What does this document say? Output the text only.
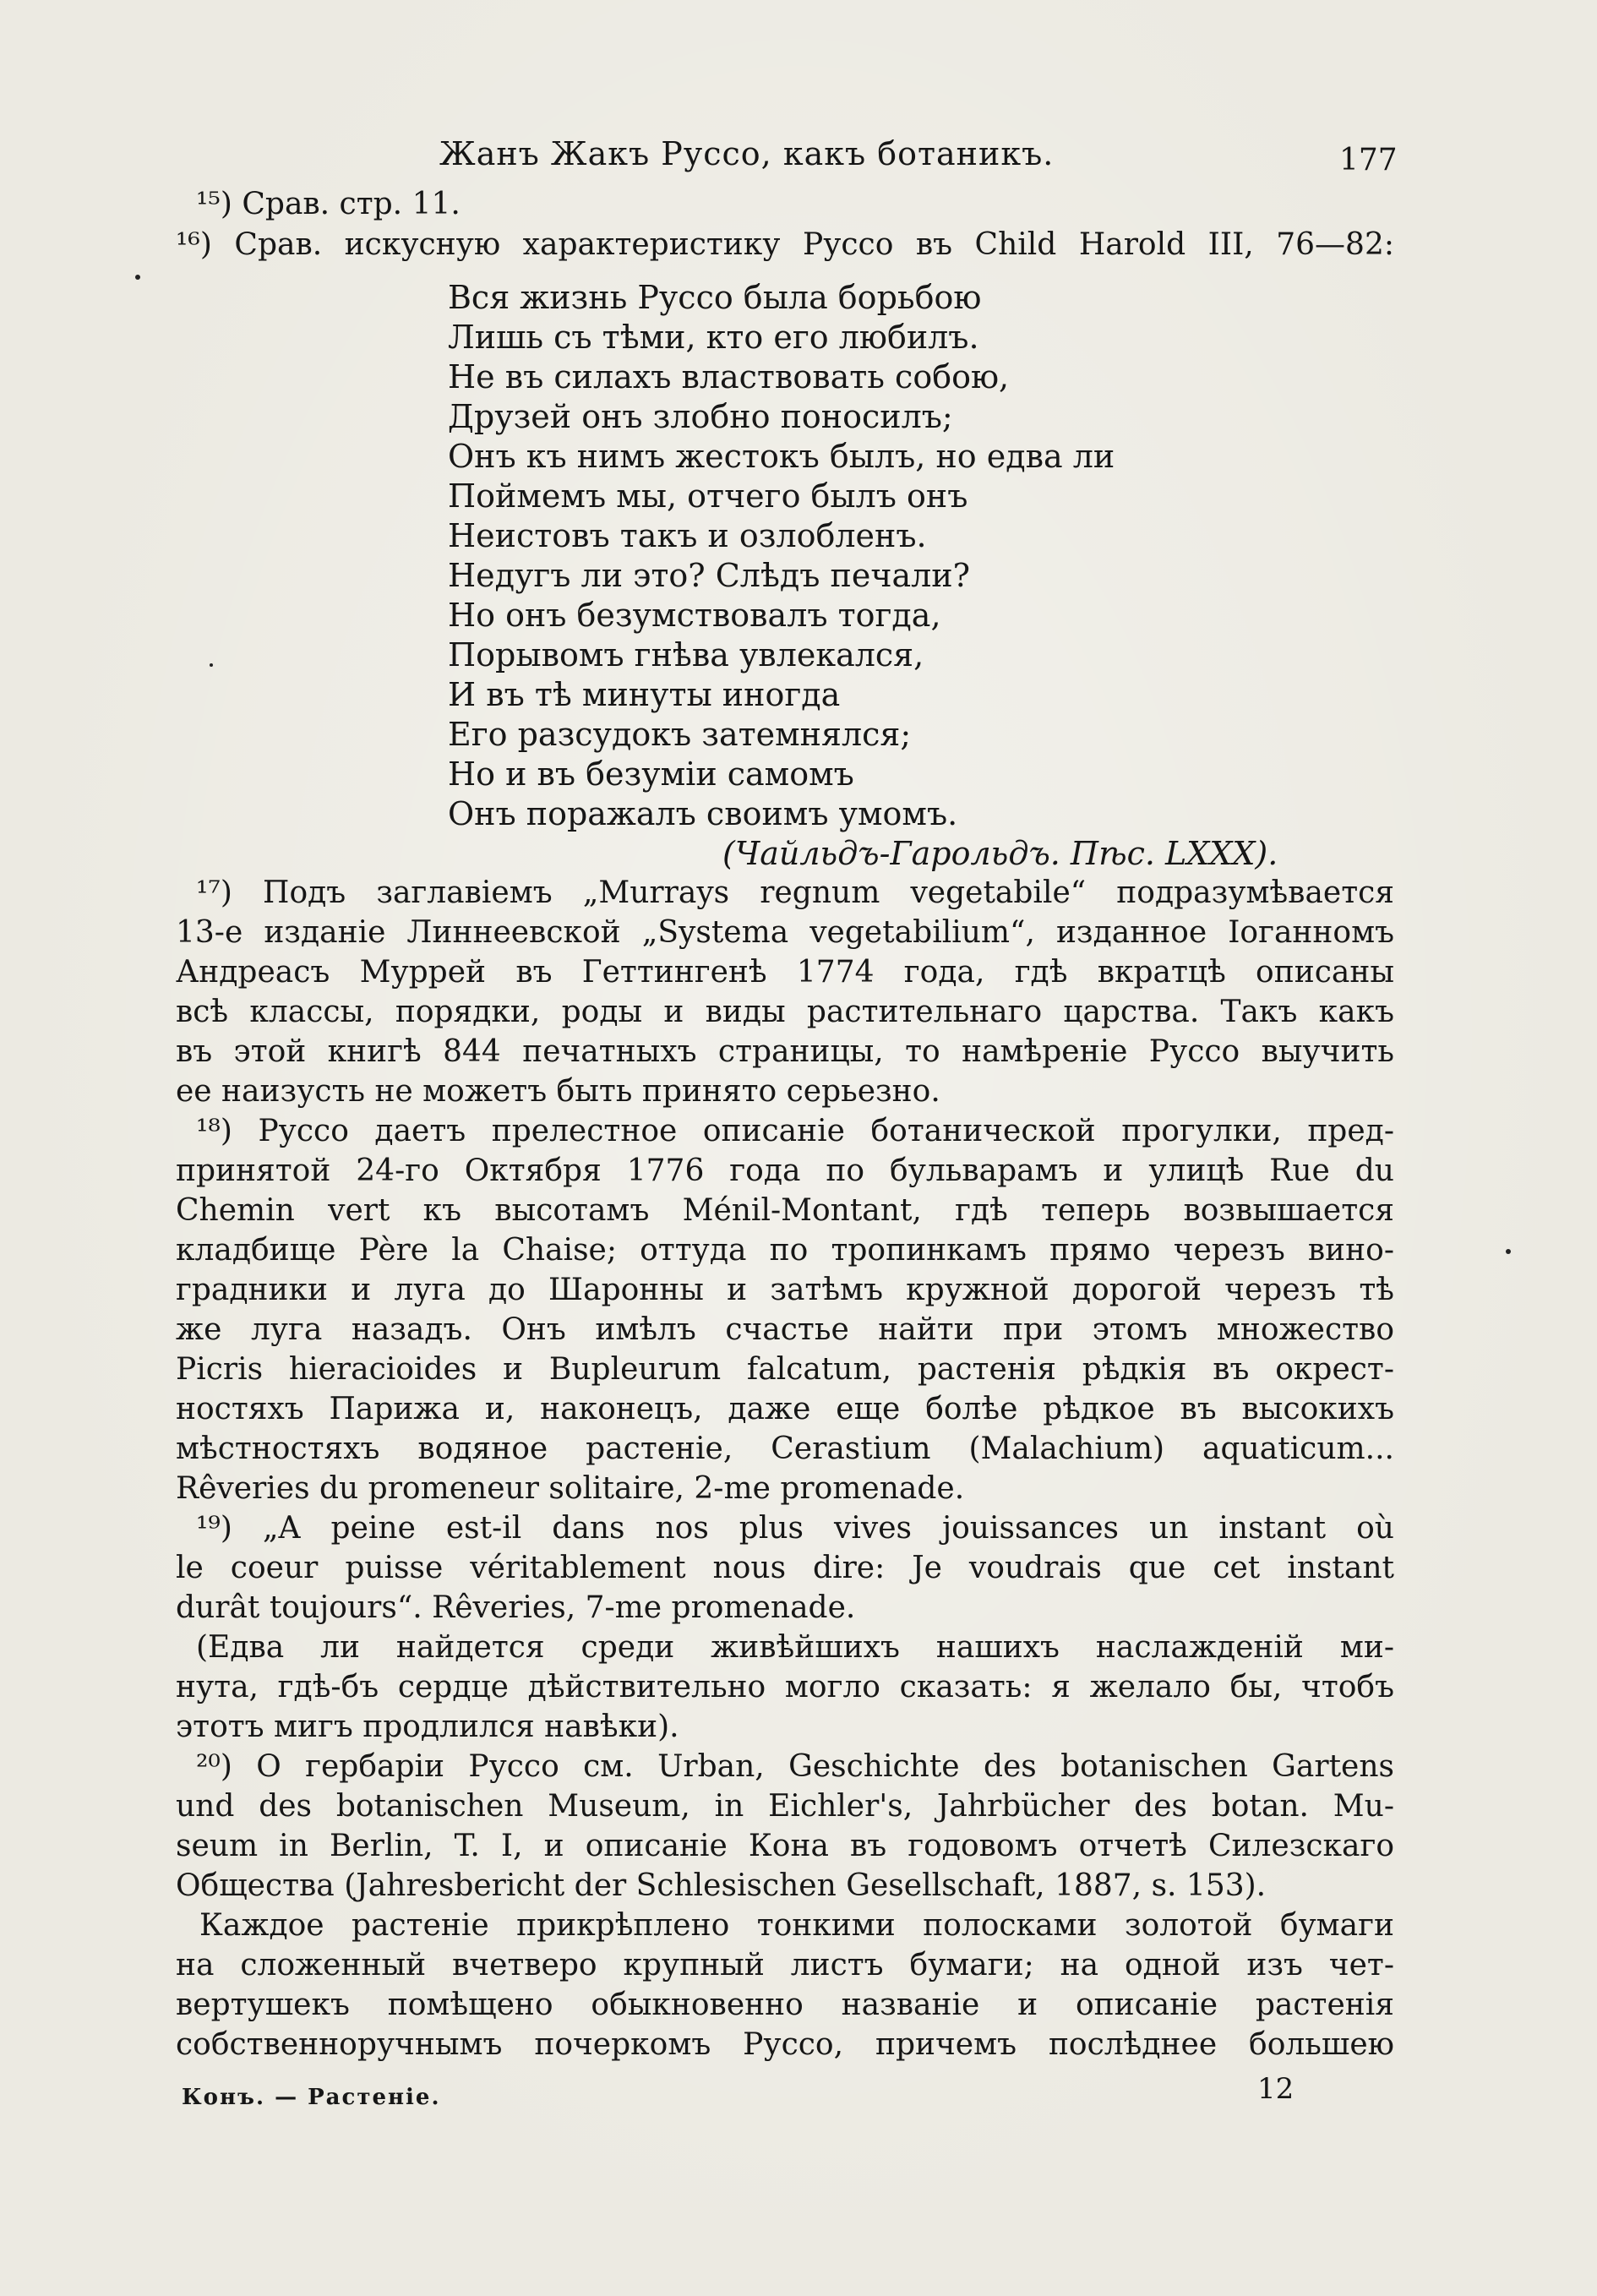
Жанъ Жакъ Руссо, какъ ботаникъ.	177
¹⁵) Срав. стр. 11.
¹⁶) Срав. искусную характеристику Руссо въ Child Harold III, 76—82:
Вся жизнь Руссо была борьбою
Лишь съ тѣми, кто его любилъ.
Не въ силахъ властвовать собою,
Друзей онъ злобно поносилъ;
Онъ къ нимъ жестокъ былъ, но едва ли
Поймемъ мы, отчего былъ онъ
Неистовъ такъ и озлобленъ.
Недугъ ли это? Слѣдъ печали?
Но онъ безумствовалъ тогда,
Порывомъ гнѣва увлекался,
И въ тѣ минуты иногда
Его разсудокъ затемнялся;
Но и въ безуміи самомъ
Онъ поражалъ своимъ умомъ.
(Чайльдъ-Гарольдъ. Пѣс. LXXX).
¹⁷) Подъ заглавіемъ „Murrays regnum vegetabile“ подразумѣвается
13-е изданіе Линнеевской „Systema vegetabilium“, изданное Іоганномъ
Андреасъ Муррей въ Геттингенѣ 1774 года, гдѣ вкратцѣ описаны
всѣ классы, порядки, роды и виды растительнаго царства. Такъ какъ
въ этой книгѣ 844 печатныхъ страницы, то намѣреніе Руссо выучить
ее наизусть не можетъ быть принято серьезно.
¹⁸) Руссо даетъ прелестное описаніе ботанической прогулки, пред-
принятой 24-го Октября 1776 года по бульварамъ и улицѣ Rue du
Chemin vert къ высотамъ Ménil-Montant, гдѣ теперь возвышается
кладбище Père la Chaise; оттуда по тропинкамъ прямо черезъ вино-
градники и луга до Шаронны и затѣмъ кружной дорогой черезъ тѣ
же луга назадъ. Онъ имѣлъ счастье найти при этомъ множество
Picris hieracioides и Bupleurum falcatum, растенія рѣдкія въ окрест-
ностяхъ Парижа и, наконецъ, даже еще болѣе рѣдкое въ высокихъ
мѣстностяхъ водяное растеніе, Cerastium (Malachium) aquaticum...
Rêveries du promeneur solitaire, 2-me promenade.
¹⁹) „A peine est-il dans nos plus vives jouissances un instant où
le coeur puisse véritablement nous dire: Je voudrais que cet instant
durât toujours“. Rêveries, 7-me promenade.
(Едва ли найдется среди живѣйшихъ нашихъ наслажденій ми-
нута, гдѣ-бъ сердце дѣйствительно могло сказать: я желало бы, чтобъ
этотъ мигъ продлился навѣки).
²⁰) О гербаріи Руссо см. Urban, Geschichte des botanischen Gartens
und des botanischen Museum, in Eichler's, Jahrbücher des botan. Mu-
seum in Berlin, T. I, и описаніе Кона въ годовомъ отчетѣ Силезскаго
Общества (Jahresbericht der Schlesischen Gesellschaft, 1887, s. 153).
Каждое растеніе прикрѣплено тонкими полосками золотой бумаги
на сложенный вчетверо крупный листъ бумаги; на одной изъ чет-
вертушекъ помѣщено обыкновенно названіе и описаніе растенія
собственноручнымъ почеркомъ Руссо, причемъ послѣднее большею
Конъ. — Растеніе.	12
